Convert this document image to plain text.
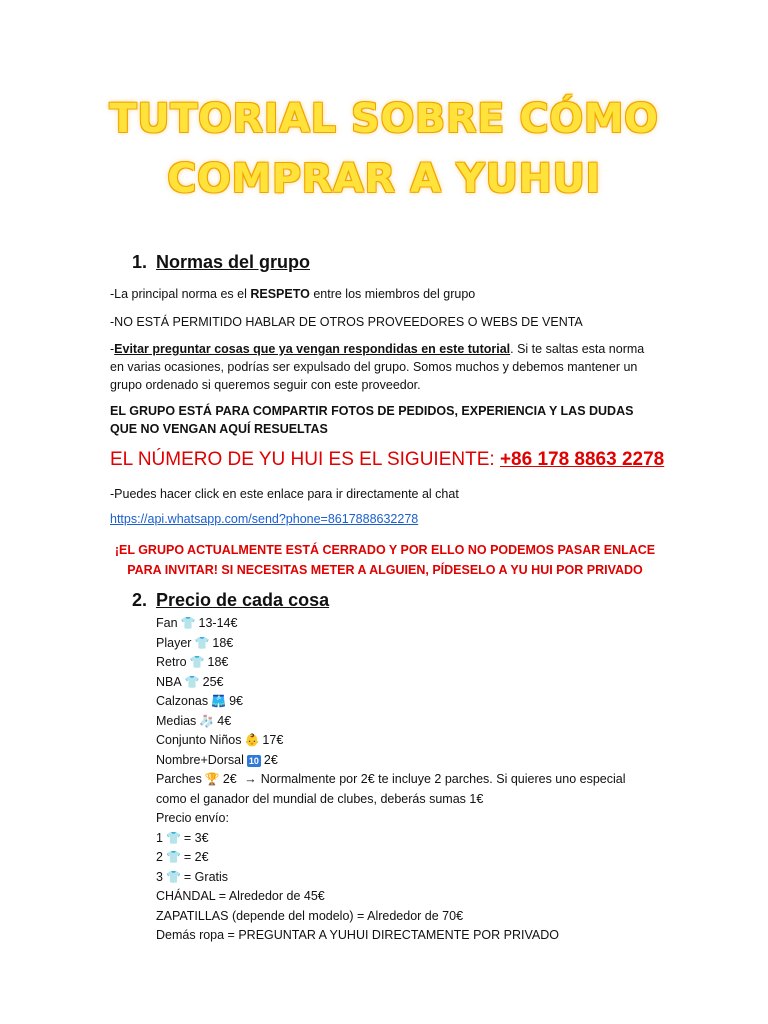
TUTORIAL SOBRE CÓMO
COMPRAR A YUHUI
1. Normas del grupo
-La principal norma es el RESPETO entre los miembros del grupo
-NO ESTÁ PERMITIDO HABLAR DE OTROS PROVEEDORES O WEBS DE VENTA
-Evitar preguntar cosas que ya vengan respondidas en este tutorial. Si te saltas esta norma en varias ocasiones, podrías ser expulsado del grupo. Somos muchos y debemos mantener un grupo ordenado si queremos seguir con este proveedor.
EL GRUPO ESTÁ PARA COMPARTIR FOTOS DE PEDIDOS, EXPERIENCIA Y LAS DUDAS QUE NO VENGAN AQUÍ RESUELTAS
EL NÚMERO DE YU HUI ES EL SIGUIENTE: +86 178 8863 2278
-Puedes hacer click en este enlace para ir directamente al chat
https://api.whatsapp.com/send?phone=8617888632278
¡EL GRUPO ACTUALMENTE ESTÁ CERRADO Y POR ELLO NO PODEMOS PASAR ENLACE PARA INVITAR! SI NECESITAS METER A ALGUIEN, PÍDESELO A YU HUI POR PRIVADO
2. Precio de cada cosa
Fan 👕 13-14€
Player 👕 18€
Retro 👕 18€
NBA 👕 25€
Calzonas 🩳 9€
Medias 🧦 4€
Conjunto Niños 👶 17€
Nombre+Dorsal 10 2€
Parches 🏆 2€ → Normalmente por 2€ te incluye 2 parches. Si quieres uno especial
como el ganador del mundial de clubes, deberás sumas 1€
Precio envío:
1 👕 = 3€
2 👕 = 2€
3 👕 = Gratis
CHÁNDAL = Alrededor de 45€
ZAPATILLAS (depende del modelo) = Alrededor de 70€
Demás ropa = PREGUNTAR A YUHUI DIRECTAMENTE POR PRIVADO
